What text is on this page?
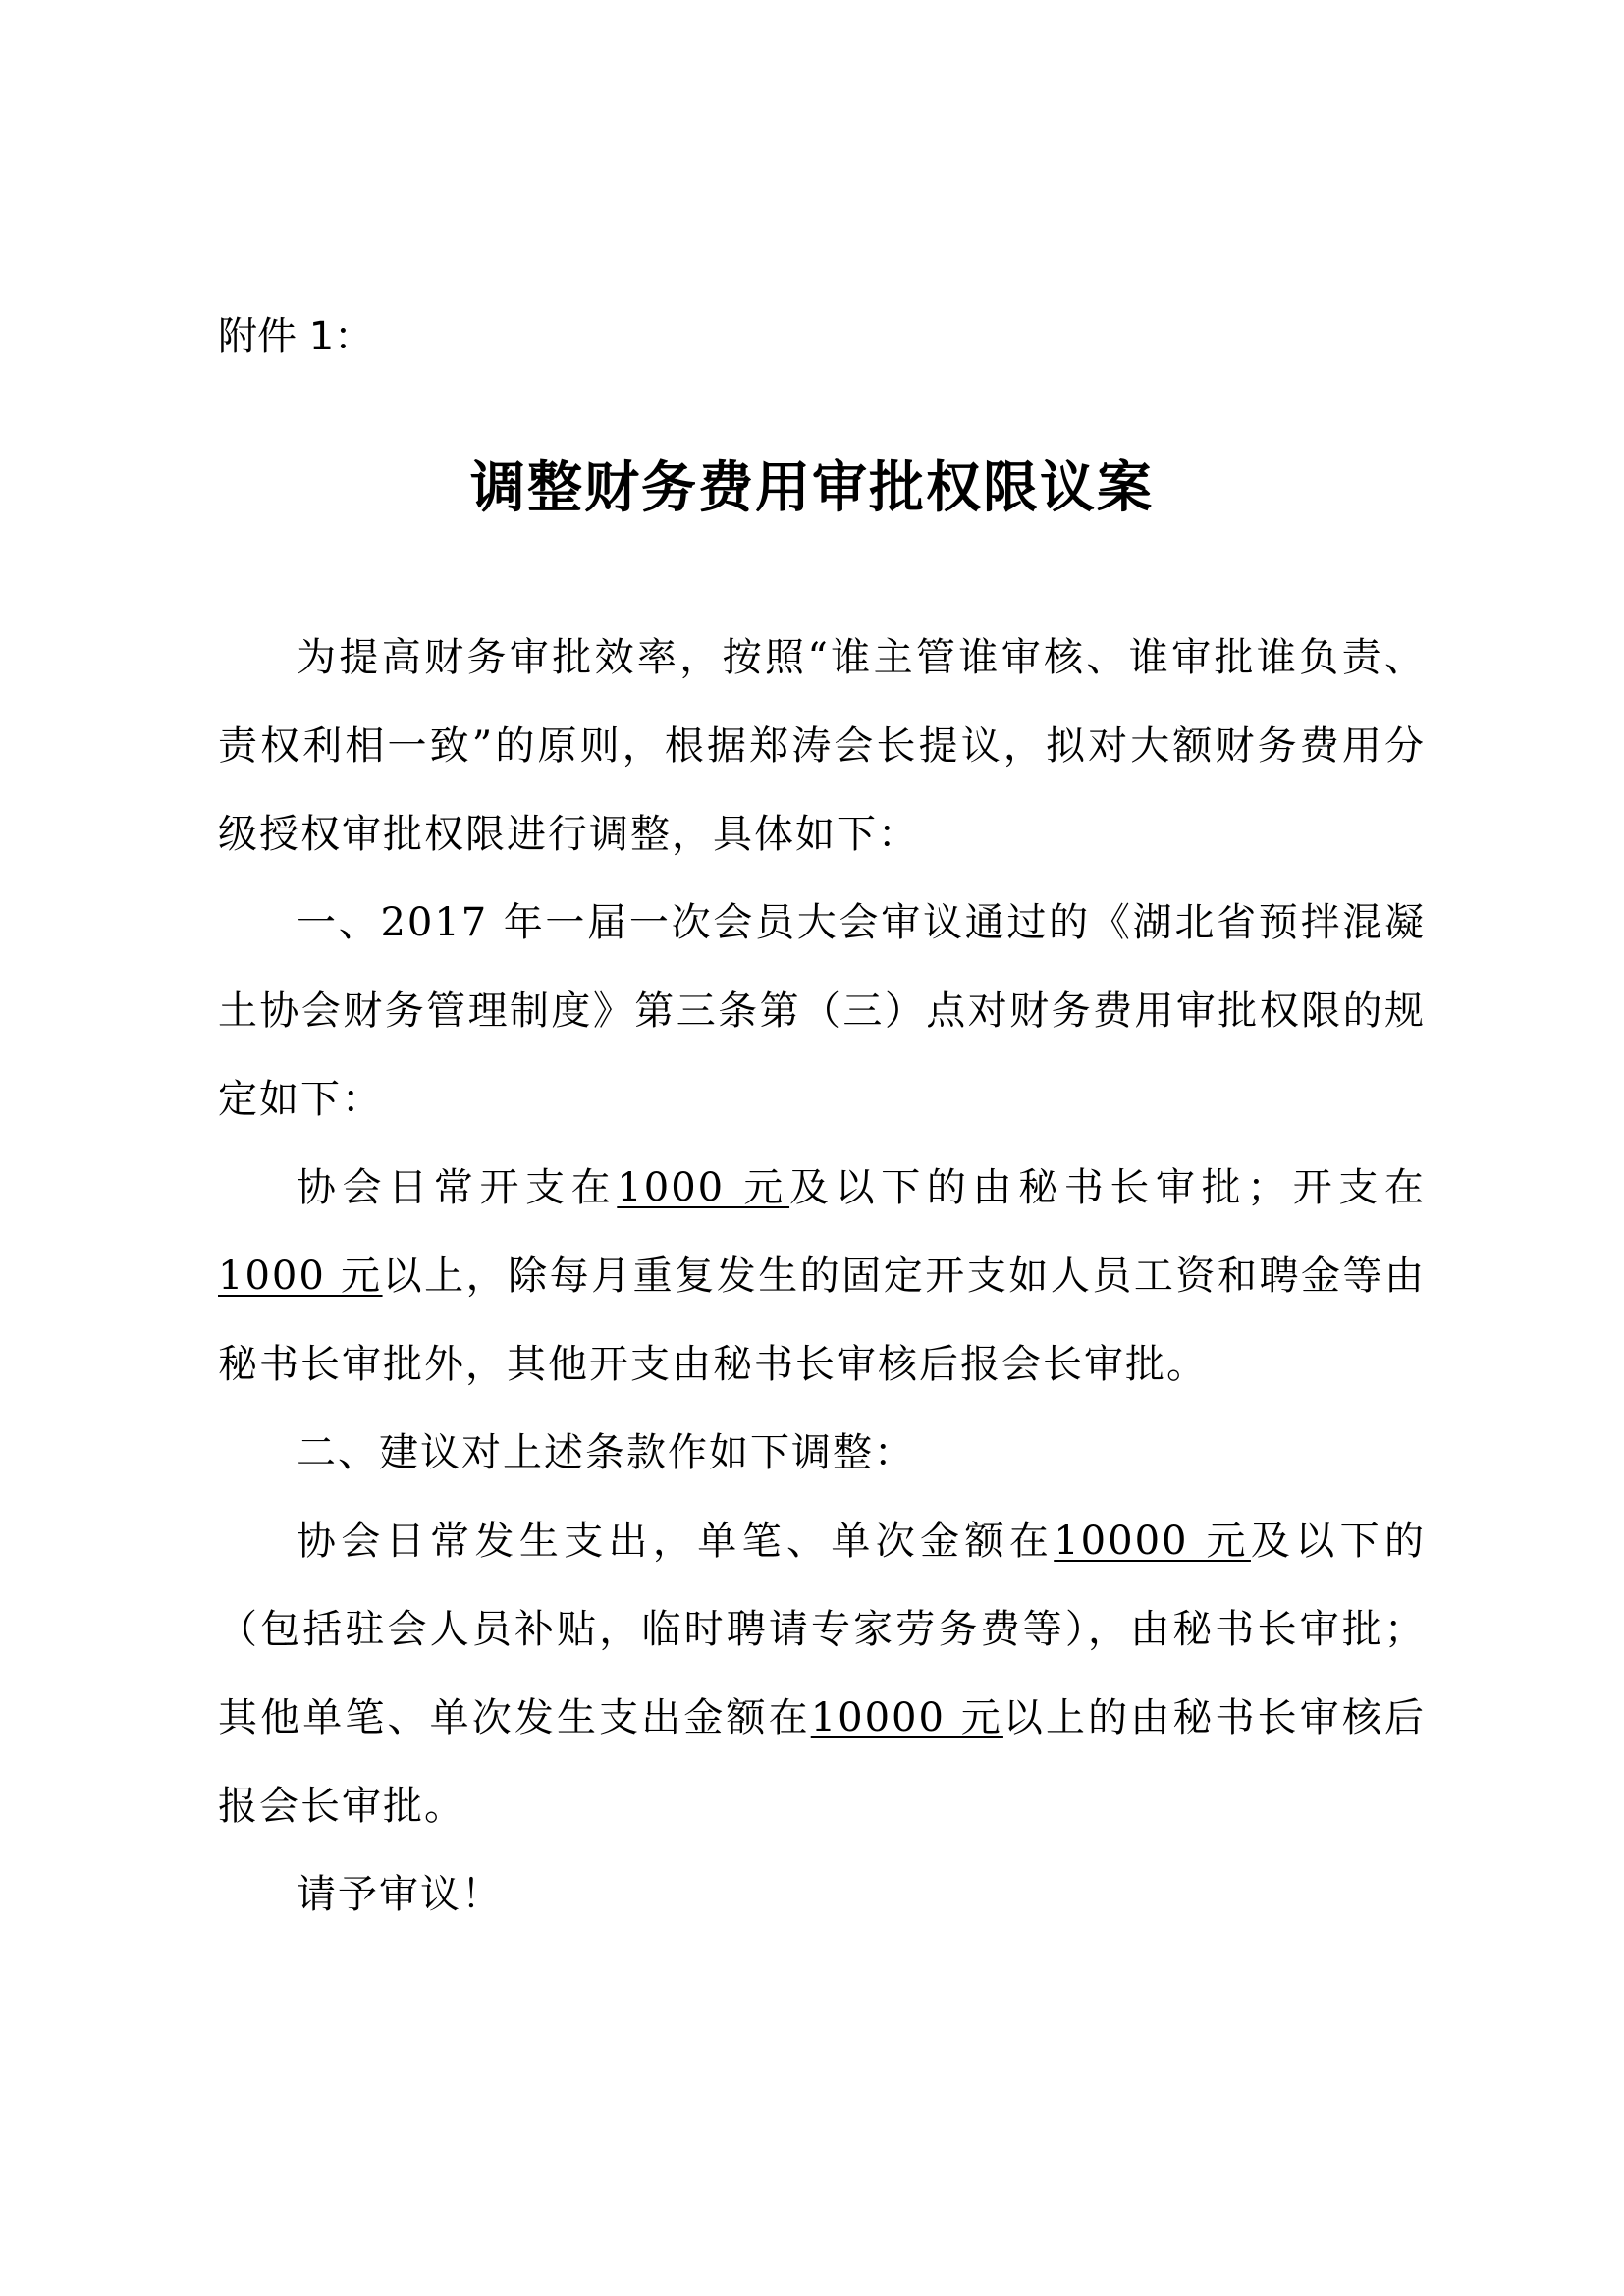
附件 1：
调整财务费用审批权限议案

为提高财务审批效率，按照“谁主管谁审核、谁审批谁负责、责权利相一致”的原则，根据郑涛会长提议，拟对大额财务费用分级授权审批权限进行调整，具体如下：

一、2017 年一届一次会员大会审议通过的《湖北省预拌混凝土协会财务管理制度》第三条第（三）点对财务费用审批权限的规定如下：

协会日常开支在1000 元及以下的由秘书长审批；开支在1000 元以上，除每月重复发生的固定开支如人员工资和聘金等由秘书长审批外，其他开支由秘书长审核后报会长审批。

二、建议对上述条款作如下调整：

协会日常发生支出，单笔、单次金额在10000 元及以下的（包括驻会人员补贴，临时聘请专家劳务费等），由秘书长审批；其他单笔、单次发生支出金额在10000 元以上的由秘书长审核后报会长审批。

请予审议！
